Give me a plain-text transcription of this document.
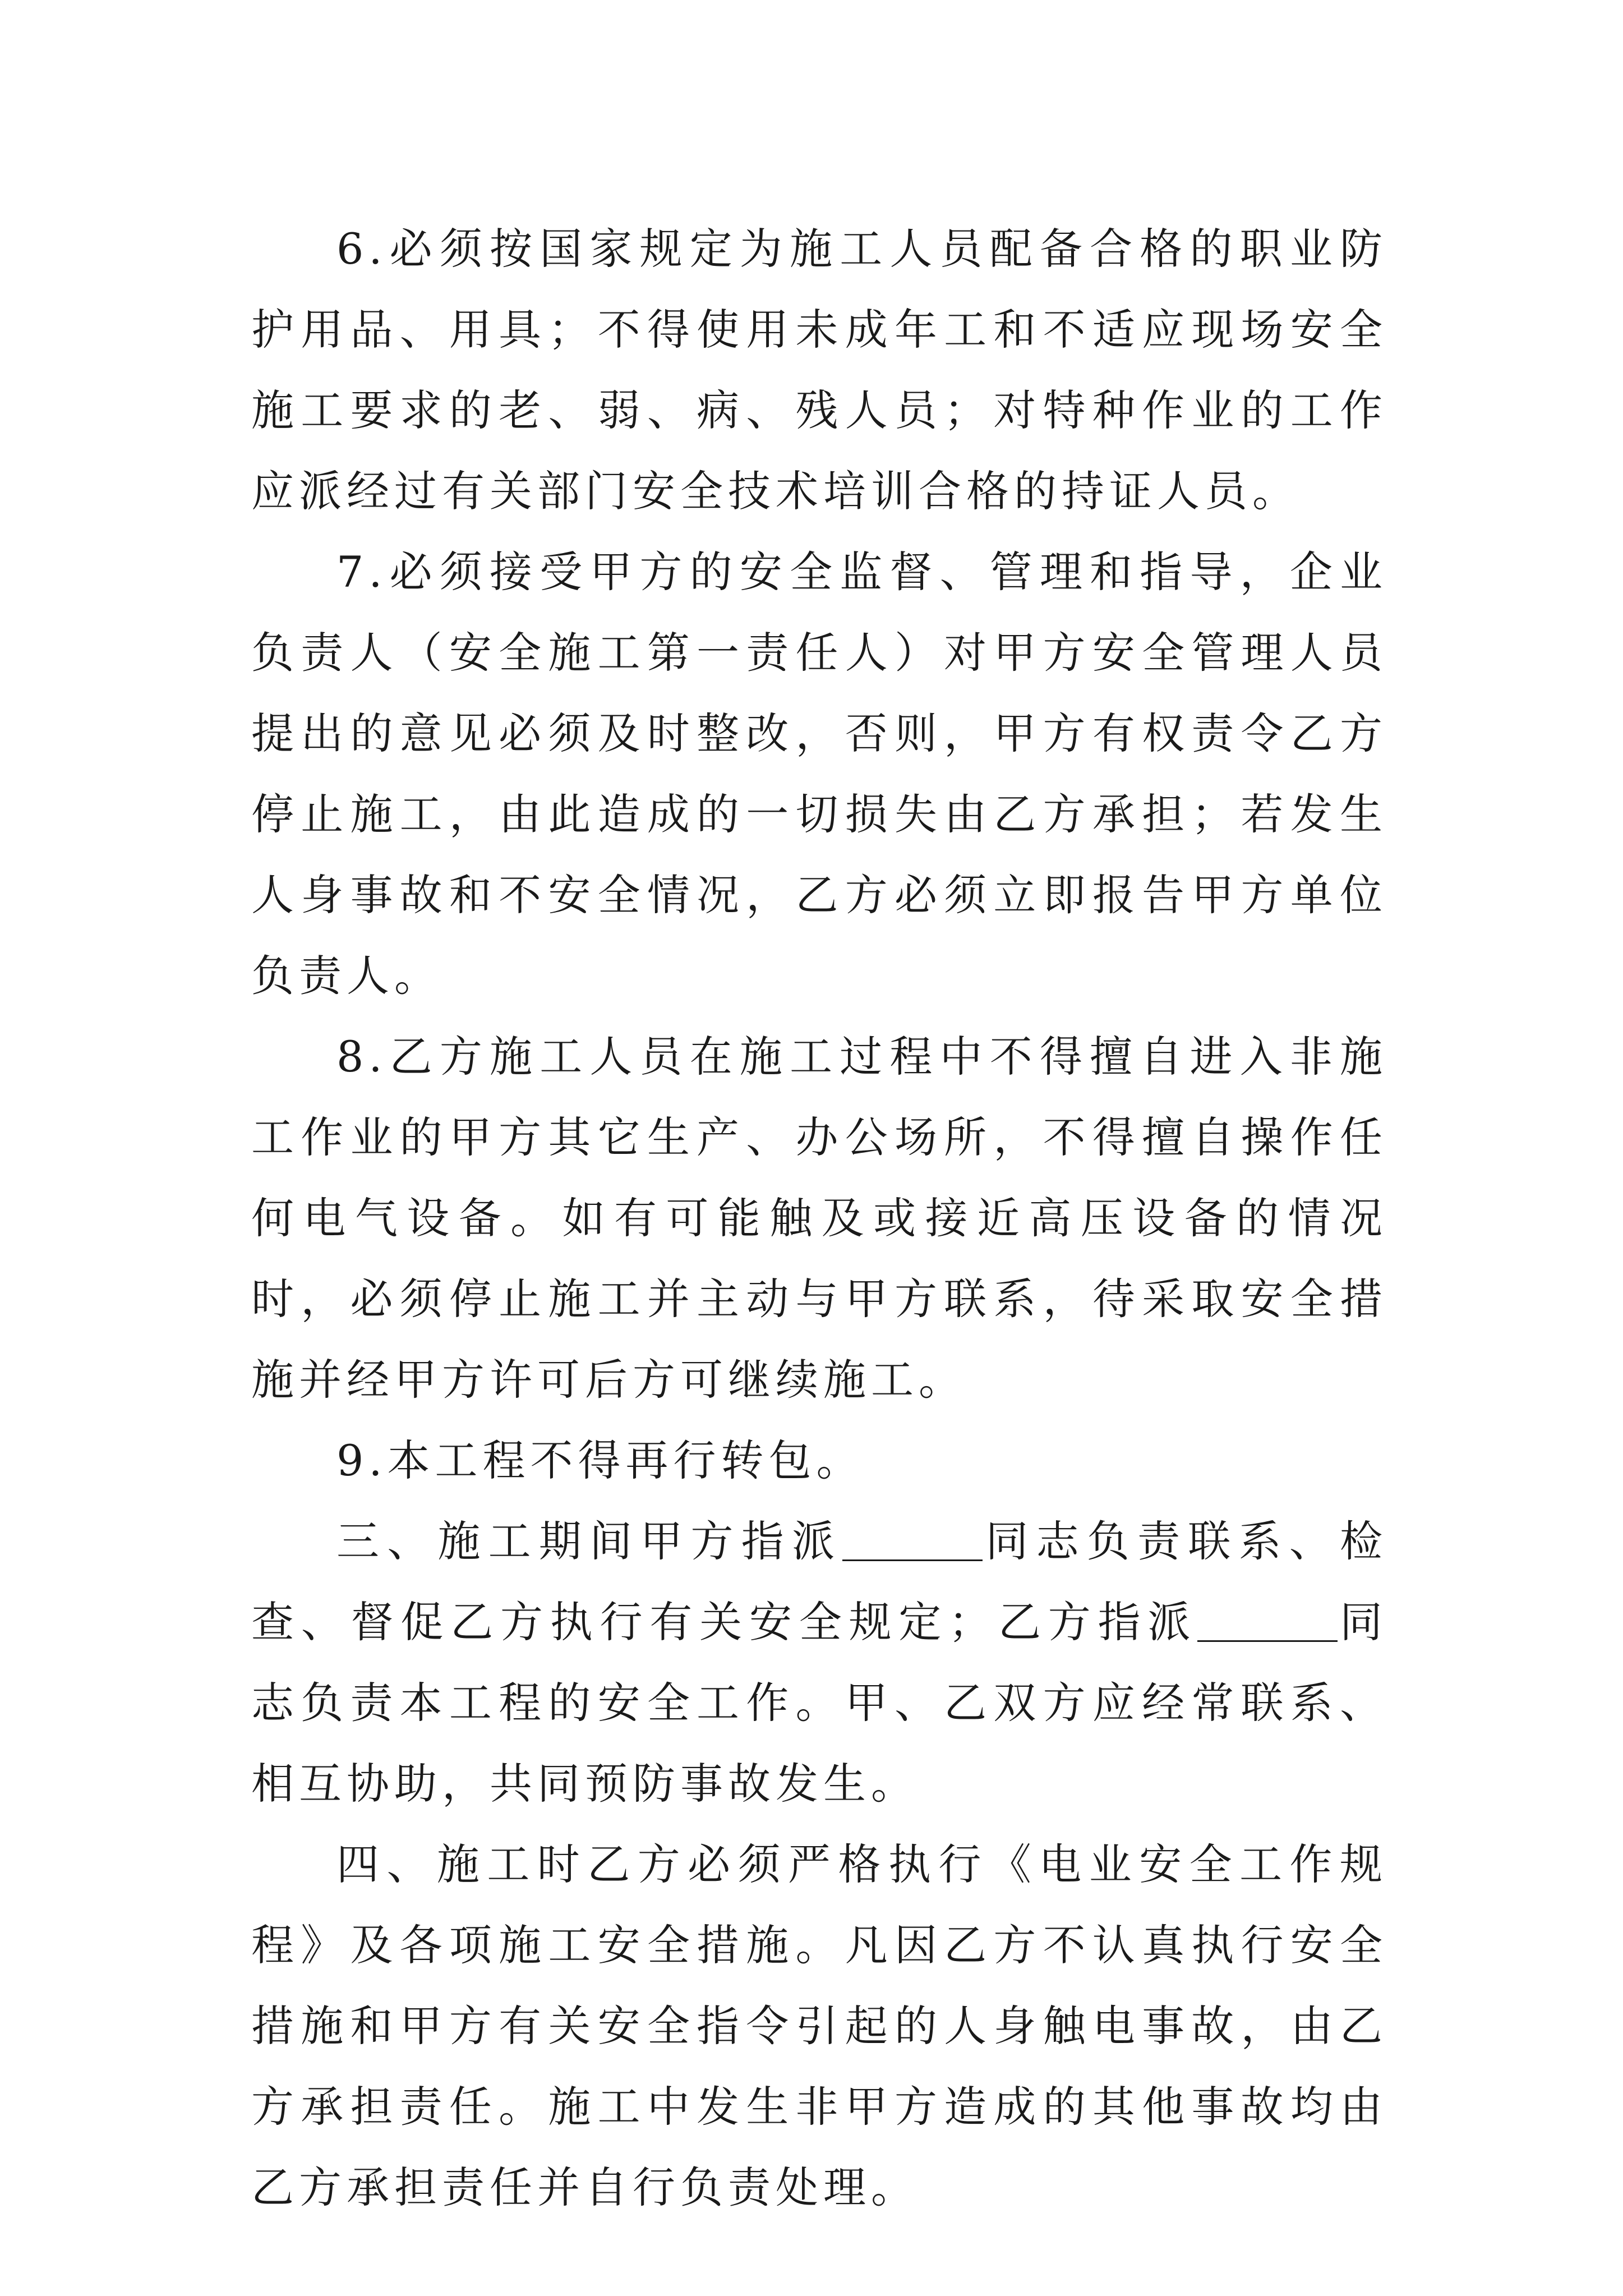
6.必须按国家规定为施工人员配备合格的职业防护用品、用具；不得使用未成年工和不适应现场安全施工要求的老、弱、病、残人员；对特种作业的工作应派经过有关部门安全技术培训合格的持证人员。

7.必须接受甲方的安全监督、管理和指导，企业负责人（安全施工第一责任人）对甲方安全管理人员提出的意见必须及时整改，否则，甲方有权责令乙方停止施工，由此造成的一切损失由乙方承担；若发生人身事故和不安全情况，乙方必须立即报告甲方单位负责人。

8.乙方施工人员在施工过程中不得擅自进入非施工作业的甲方其它生产、办公场所，不得擅自操作任何电气设备。如有可能触及或接近高压设备的情况时，必须停止施工并主动与甲方联系，待采取安全措施并经甲方许可后方可继续施工。

9.本工程不得再行转包。

三、施工期间甲方指派	同志负责联系、检查、督促乙方执行有关安全规定；乙方指派	同志负责本工程的安全工作。甲、乙双方应经常联系、相互协助，共同预防事故发生。

四、施工时乙方必须严格执行《电业安全工作规程》及各项施工安全措施。凡因乙方不认真执行安全措施和甲方有关安全指令引起的人身触电事故，由乙方承担责任。施工中发生非甲方造成的其他事故均由乙方承担责任并自行负责处理。
